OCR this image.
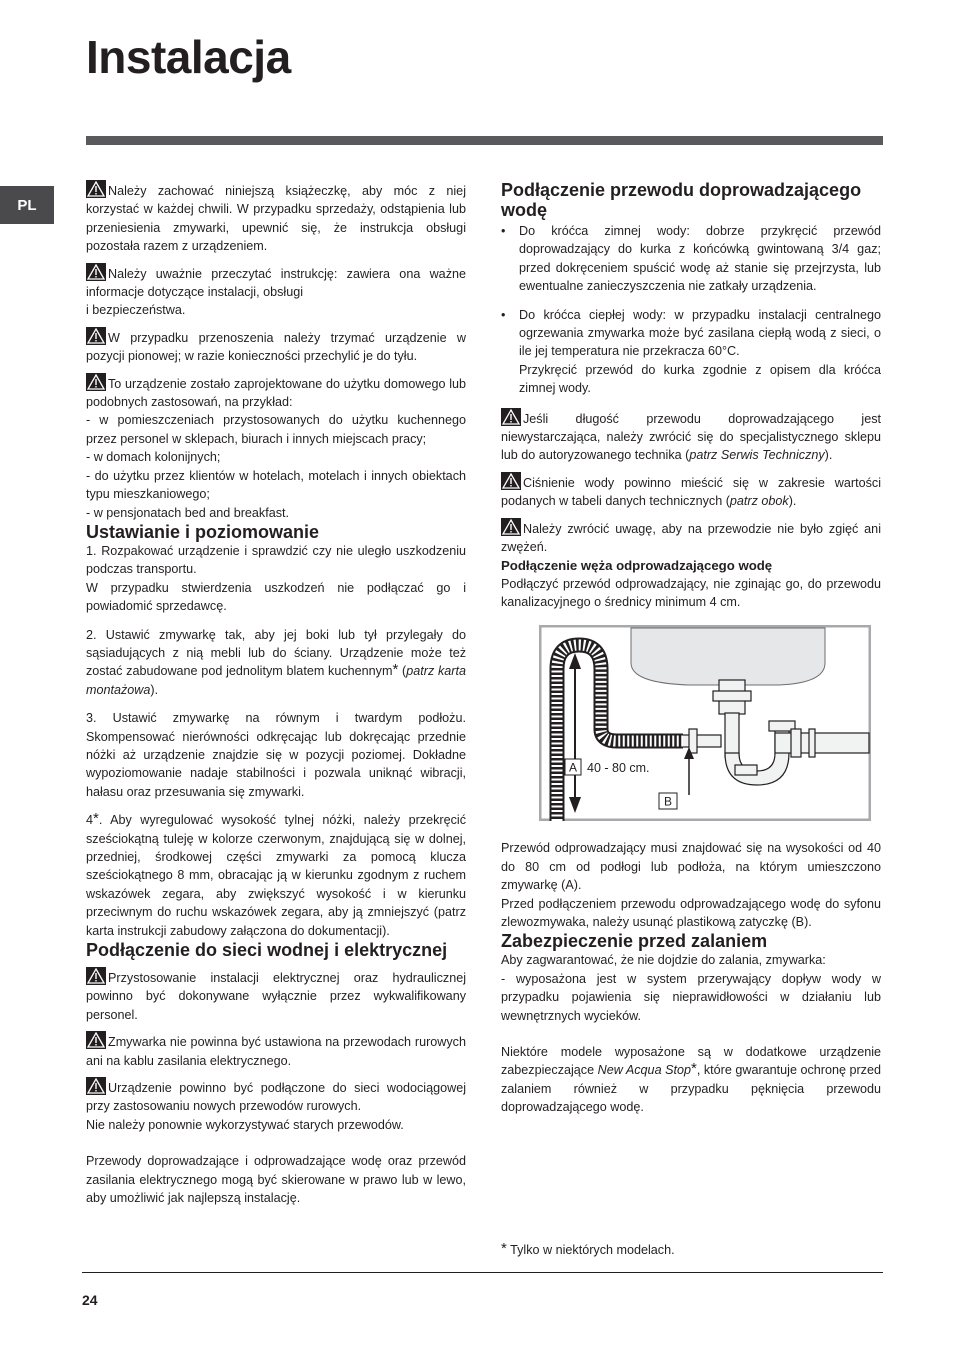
Instalacja
PL

Należy zachować niniejszą książeczkę, aby móc z niej korzystać w każdej chwili. W przypadku sprzedaży, odstąpienia lub przeniesienia zmywarki, upewnić się, że instrukcja obsługi pozostała razem z urządzeniem.

Należy uważnie przeczytać instrukcję: zawiera ona ważne informacje dotyczące instalacji, obsługi
i bezpieczeństwa.

W przypadku przenoszenia należy trzymać urządzenie w pozycji pionowej; w razie konieczności przechylić je do tyłu.

To urządzenie zostało zaprojektowane do użytku domowego lub podobnych zastosowań, na przykład:

- w pomieszczeniach przystosowanych do użytku kuchennego przez personel w sklepach, biurach i innych miejscach pracy;

- w domach kolonijnych;

- do użytku przez klientów w hotelach, motelach i innych obiektach typu mieszkaniowego;

- w pensjonatach bed and breakfast.

Ustawianie i poziomowanie

1. Rozpakować urządzenie i sprawdzić czy nie uległo uszkodzeniu podczas transportu.

W przypadku stwierdzenia uszkodzeń nie podłączać go i powiadomić sprzedawcę.

2. Ustawić zmywarkę tak, aby jej boki lub tył przylegały do sąsiadujących z nią mebli lub do ściany. Urządzenie może też zostać zabudowane pod jednolitym blatem kuchennym* (patrz karta montażowa).

3. Ustawić zmywarkę na równym i twardym podłożu. Skompensować nierówności odkręcając lub dokręcając przednie nóżki aż urządzenie znajdzie się w pozycji poziomej. Dokładne wypoziomowanie nadaje stabilności i pozwala uniknąć wibracji, hałasu oraz przesuwania się zmywarki.

4*. Aby wyregulować wysokość tylnej nóżki, należy przekręcić sześciokątną tuleję w kolorze czerwonym, znajdującą się w dolnej, przedniej, środkowej części zmywarki za pomocą klucza sześciokątnego 8 mm, obracając ją w kierunku zgodnym z ruchem wskazówek zegara, aby zwiększyć wysokość i w kierunku przeciwnym do ruchu wskazówek zegara, aby ją zmniejszyć (patrz karta instrukcji zabudowy załączona do dokumentacji).

Podłączenie do sieci wodnej i elektrycznej

Przystosowanie instalacji elektrycznej oraz hydraulicznej powinno być dokonywane wyłącznie przez wykwalifikowany personel.

Zmywarka nie powinna być ustawiona na przewodach rurowych ani na kablu zasilania elektrycznego.

Urządzenie powinno być podłączone do sieci wodociągowej przy zastosowaniu nowych przewodów rurowych.

Nie należy ponownie wykorzystywać starych przewodów.

Przewody doprowadzające i odprowadzające wodę oraz przewód zasilania elektrycznego mogą być skierowane w prawo lub w lewo, aby umożliwić jak najlepszą instalację.

Podłączenie przewodu doprowadzającego wodę
•	Do króćca zimnej wody: dobrze przykręcić przewód doprowadzający do kurka z końcówką gwintowaną 3/4 gaz; przed dokręceniem spuścić wodę aż stanie się przejrzysta, lub ewentualne zanieczyszczenia nie zatkały urządzenia.

•	Do króćca ciepłej wody: w przypadku instalacji centralnego ogrzewania zmywarka może być zasilana ciepłą wodą z sieci, o ile jej temperatura nie przekracza 60°C.

Przykręcić przewód do kurka zgodnie z opisem dla króćca zimnej wody.

Jeśli długość przewodu doprowadzającego jest niewystarczająca, należy zwrócić się do specjalistycznego sklepu lub do autoryzowanego technika (patrz Serwis Techniczny).

Ciśnienie wody powinno mieścić się w zakresie wartości podanych w tabeli danych technicznych (patrz obok).

Należy zwrócić uwagę, aby na przewodzie nie było zgięć ani zwężeń.

Podłączenie węża odprowadzającego wodę

Podłączyć przewód odprowadzający, nie zginając go, do przewodu kanalizacyjnego o średnicy minimum 4 cm.

A 40 - 80 cm.
B

Przewód odprowadzający musi znajdować się na wysokości od 40 do 80 cm od podłogi lub podłoża, na którym umieszczono zmywarkę (A).

Przed podłączeniem przewodu odprowadzającego wodę do syfonu zlewozmywaka, należy usunąć plastikową zatyczkę (B).

Zabezpieczenie przed zalaniem

Aby zagwarantować, że nie dojdzie do zalania, zmywarka:

- wyposażona jest w system przerywający dopływ wody w przypadku pojawienia się nieprawidłowości w działaniu lub wewnętrznych wycieków.

Niektóre modele wyposażone są w dodatkowe urządzenie zabezpieczające New Acqua Stop*, które gwarantuje ochronę przed zalaniem również w przypadku pęknięcia przewodu doprowadzającego wodę.

* Tylko w niektórych modelach.
24
